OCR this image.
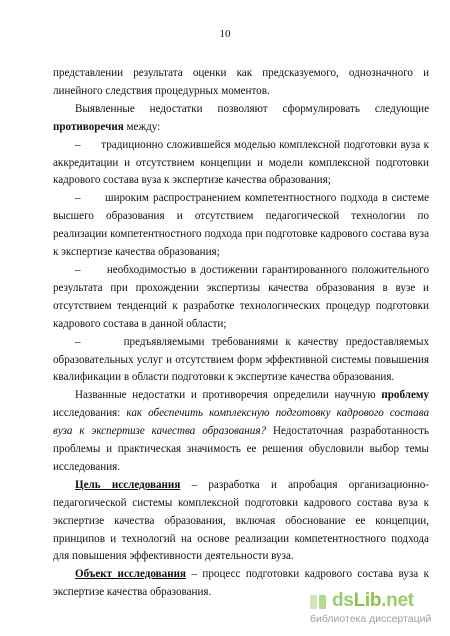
10

представлении результата оценки как предсказуемого, однозначного и линейного следствия процедурных моментов.

Выявленные недостатки позволяют сформулировать следующие противоречия между:

– традиционно сложившейся моделью комплексной подготовки вуза к аккредитации и отсутствием концепции и модели комплексной подготовки кадрового состава вуза к экспертизе качества образования;

– широким распространением компетентностного подхода в системе высшего образования и отсутствием педагогической технологии по реализации компетентностного подхода при подготовке кадрового состава вуза к экспертизе качества образования;

– необходимостью в достижении гарантированного положительного результата при прохождении экспертизы качества образования в вузе и отсутствием тенденций к разработке технологических процедур подготовки кадрового состава в данной области;

–	предъявляемыми требованиями к качеству предоставляемых образовательных услуг и отсутствием форм эффективной системы повышения квалификации в области подготовки к экспертизе качества образования.

Названные недостатки и противоречия определили научную проблему исследования: как обеспечить комплексную подготовку кадрового состава вуза к экспертизе качества образования? Недостаточная разработанность проблемы и практическая значимость ее решения обусловили выбор темы исследования.

Цель исследования – разработка и апробация организационно-педагогической системы комплексной подготовки кадрового состава вуза к экспертизе качества образования, включая обоснование ее концепции, принципов и технологий на основе реализации компетентностного подхода для повышения эффективности деятельности вуза.

Объект исследования – процесс подготовки кадрового состава вуза к экспертизе качества образования.	dsLib.net
библиотека диссертаций
